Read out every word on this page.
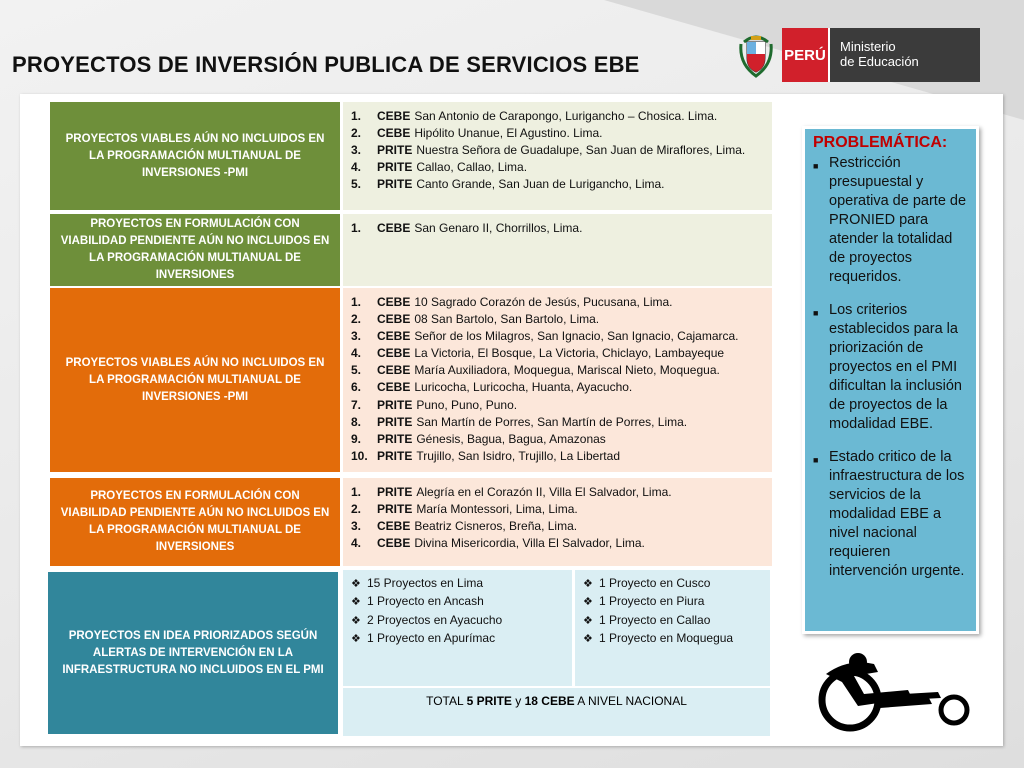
PROYECTOS DE INVERSIÓN PUBLICA DE SERVICIOS EBE	PERÚ	Ministerio
de Educación
PROYECTOS VIABLES AÚN NO INCLUIDOS EN LA PROGRAMACIÓN MULTIANUAL DE INVERSIONES -PMI
1.	CEBE San Antonio de Carapongo, Lurigancho – Chosica. Lima.
2.	CEBE Hipólito Unanue, El Agustino. Lima.
3.	PRITE Nuestra Señora de Guadalupe, San Juan de Miraflores, Lima.
4.	PRITE Callao, Callao, Lima.
5.	PRITE Canto Grande, San Juan de Lurigancho, Lima.
PROYECTOS EN FORMULACIÓN CON VIABILIDAD PENDIENTE AÚN NO INCLUIDOS EN LA PROGRAMACIÓN MULTIANUAL DE INVERSIONES
1.	CEBE San Genaro II, Chorrillos, Lima.
PROYECTOS VIABLES AÚN NO INCLUIDOS EN LA PROGRAMACIÓN MULTIANUAL DE INVERSIONES -PMI
1.	CEBE 10 Sagrado Corazón de Jesús, Pucusana, Lima.
2.	CEBE 08 San Bartolo, San Bartolo, Lima.
3.	CEBE Señor de los Milagros, San Ignacio, San Ignacio, Cajamarca.
4.	CEBE La Victoria, El Bosque, La Victoria, Chiclayo, Lambayeque
5.	CEBE María Auxiliadora, Moquegua, Mariscal Nieto, Moquegua.
6.	CEBE Luricocha, Luricocha, Huanta, Ayacucho.
7.	PRITE Puno, Puno, Puno.
8.	PRITE San Martín de Porres, San Martín de Porres, Lima.
9.	PRITE Génesis, Bagua, Bagua, Amazonas
10. PRITE Trujillo, San Isidro, Trujillo, La Libertad
PROYECTOS EN FORMULACIÓN CON VIABILIDAD PENDIENTE AÚN NO INCLUIDOS EN LA PROGRAMACIÓN MULTIANUAL DE INVERSIONES
1.	PRITE Alegría en el Corazón II, Villa El Salvador, Lima.
2.	PRITE María Montessori, Lima, Lima.
3.	CEBE Beatriz Cisneros, Breña, Lima.
4.	CEBE Divina Misericordia, Villa El Salvador, Lima.
PROYECTOS EN IDEA PRIORIZADOS SEGÚN ALERTAS DE INTERVENCIÓN EN LA INFRAESTRUCTURA NO INCLUIDOS EN EL PMI
❖ 15 Proyectos en Lima
❖ 1 Proyecto en Ancash
❖ 2 Proyectos en Ayacucho
❖ 1 Proyecto en Apurímac
❖ 1 Proyecto en Cusco
❖ 1 Proyecto en Piura
❖ 1 Proyecto en Callao
❖ 1 Proyecto en Moquegua
TOTAL 5 PRITE y 18 CEBE A NIVEL NACIONAL
PROBLEMÁTICA:
■ Restricción presupuestal y operativa de parte de PRONIED para atender la totalidad de proyectos requeridos.
■ Los criterios establecidos para la priorización de proyectos en el PMI dificultan la inclusión de proyectos de la modalidad EBE.
■ Estado critico de la infraestructura de los servicios de la modalidad EBE a nivel nacional requieren intervención urgente.
